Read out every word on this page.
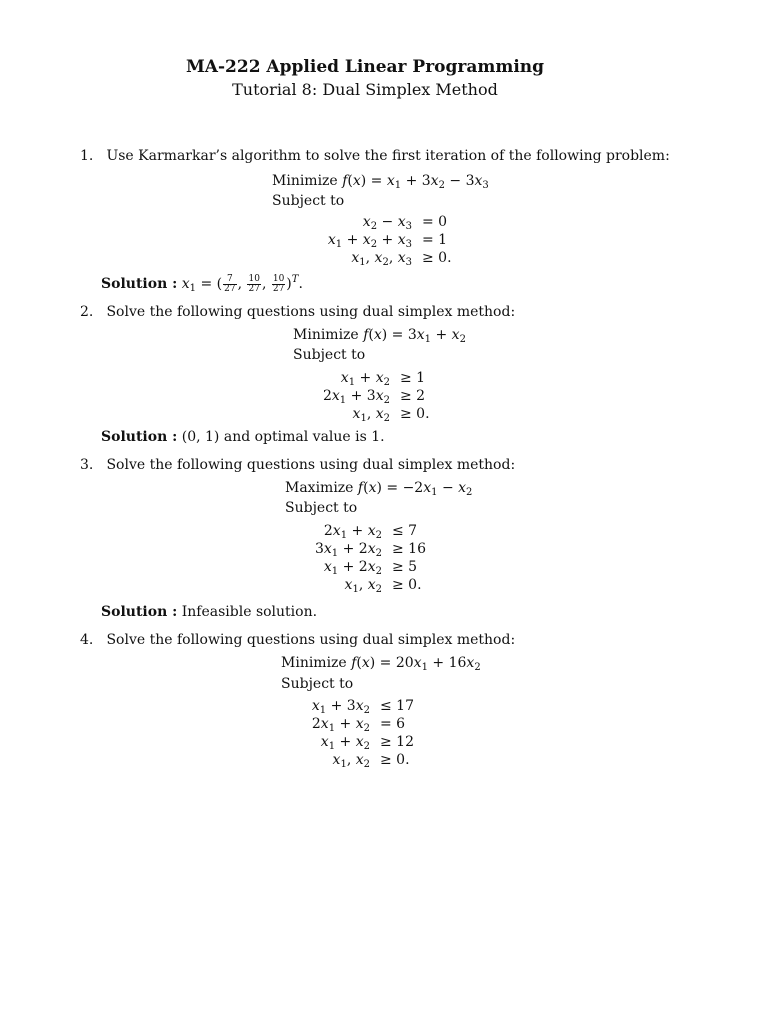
MA-222 Applied Linear Programming
Tutorial 8: Dual Simplex Method
1. Use Karmarkar’s algorithm to solve the first iteration of the following problem:
Minimize $f(x) = x_1 + 3x_2 - 3x_3$
Subject to
$x_2 - x_3 = 0$
$x_1 + x_2 + x_3 = 1$
$x_1$, $x_2$, $x_3 \ge 0$.
Solution : $x_1$ = ( $\frac{7}{27}$ , $\frac{10}{27}$ , $\frac{10}{27} )^T$.
2. Solve the following questions using dual simplex method:
Minimize $f(x) = 3x_1 + x_2$
Subject to
$x_1 + x_2 \ge 1$
$2x_1 + 3x_2 \ge 2$
$x_1$, $x_2 \ge 0$.
Solution : (0, 1) and optimal value is 1.
3. Solve the following questions using dual simplex method:
Maximize $f(x) = -2x_1 - x_2$
Subject to
$2x_1 + x_2 \le 7$
$3x_1 + 2x_2 \ge 16$
$x_1 + 2x_2 \ge 5$
$x_1$, $x_2 \ge 0$.
Solution : Infeasible solution.
4. Solve the following questions using dual simplex method:
Minimize $f(x) = 20x_1 + 16x_2$
Subject to
$x_1 + 3x_2 \le 17$
$2x_1 + x_2 = 6$
$x_1 + x_2 \ge 12$
$x_1$, $x_2 \ge 0$.
